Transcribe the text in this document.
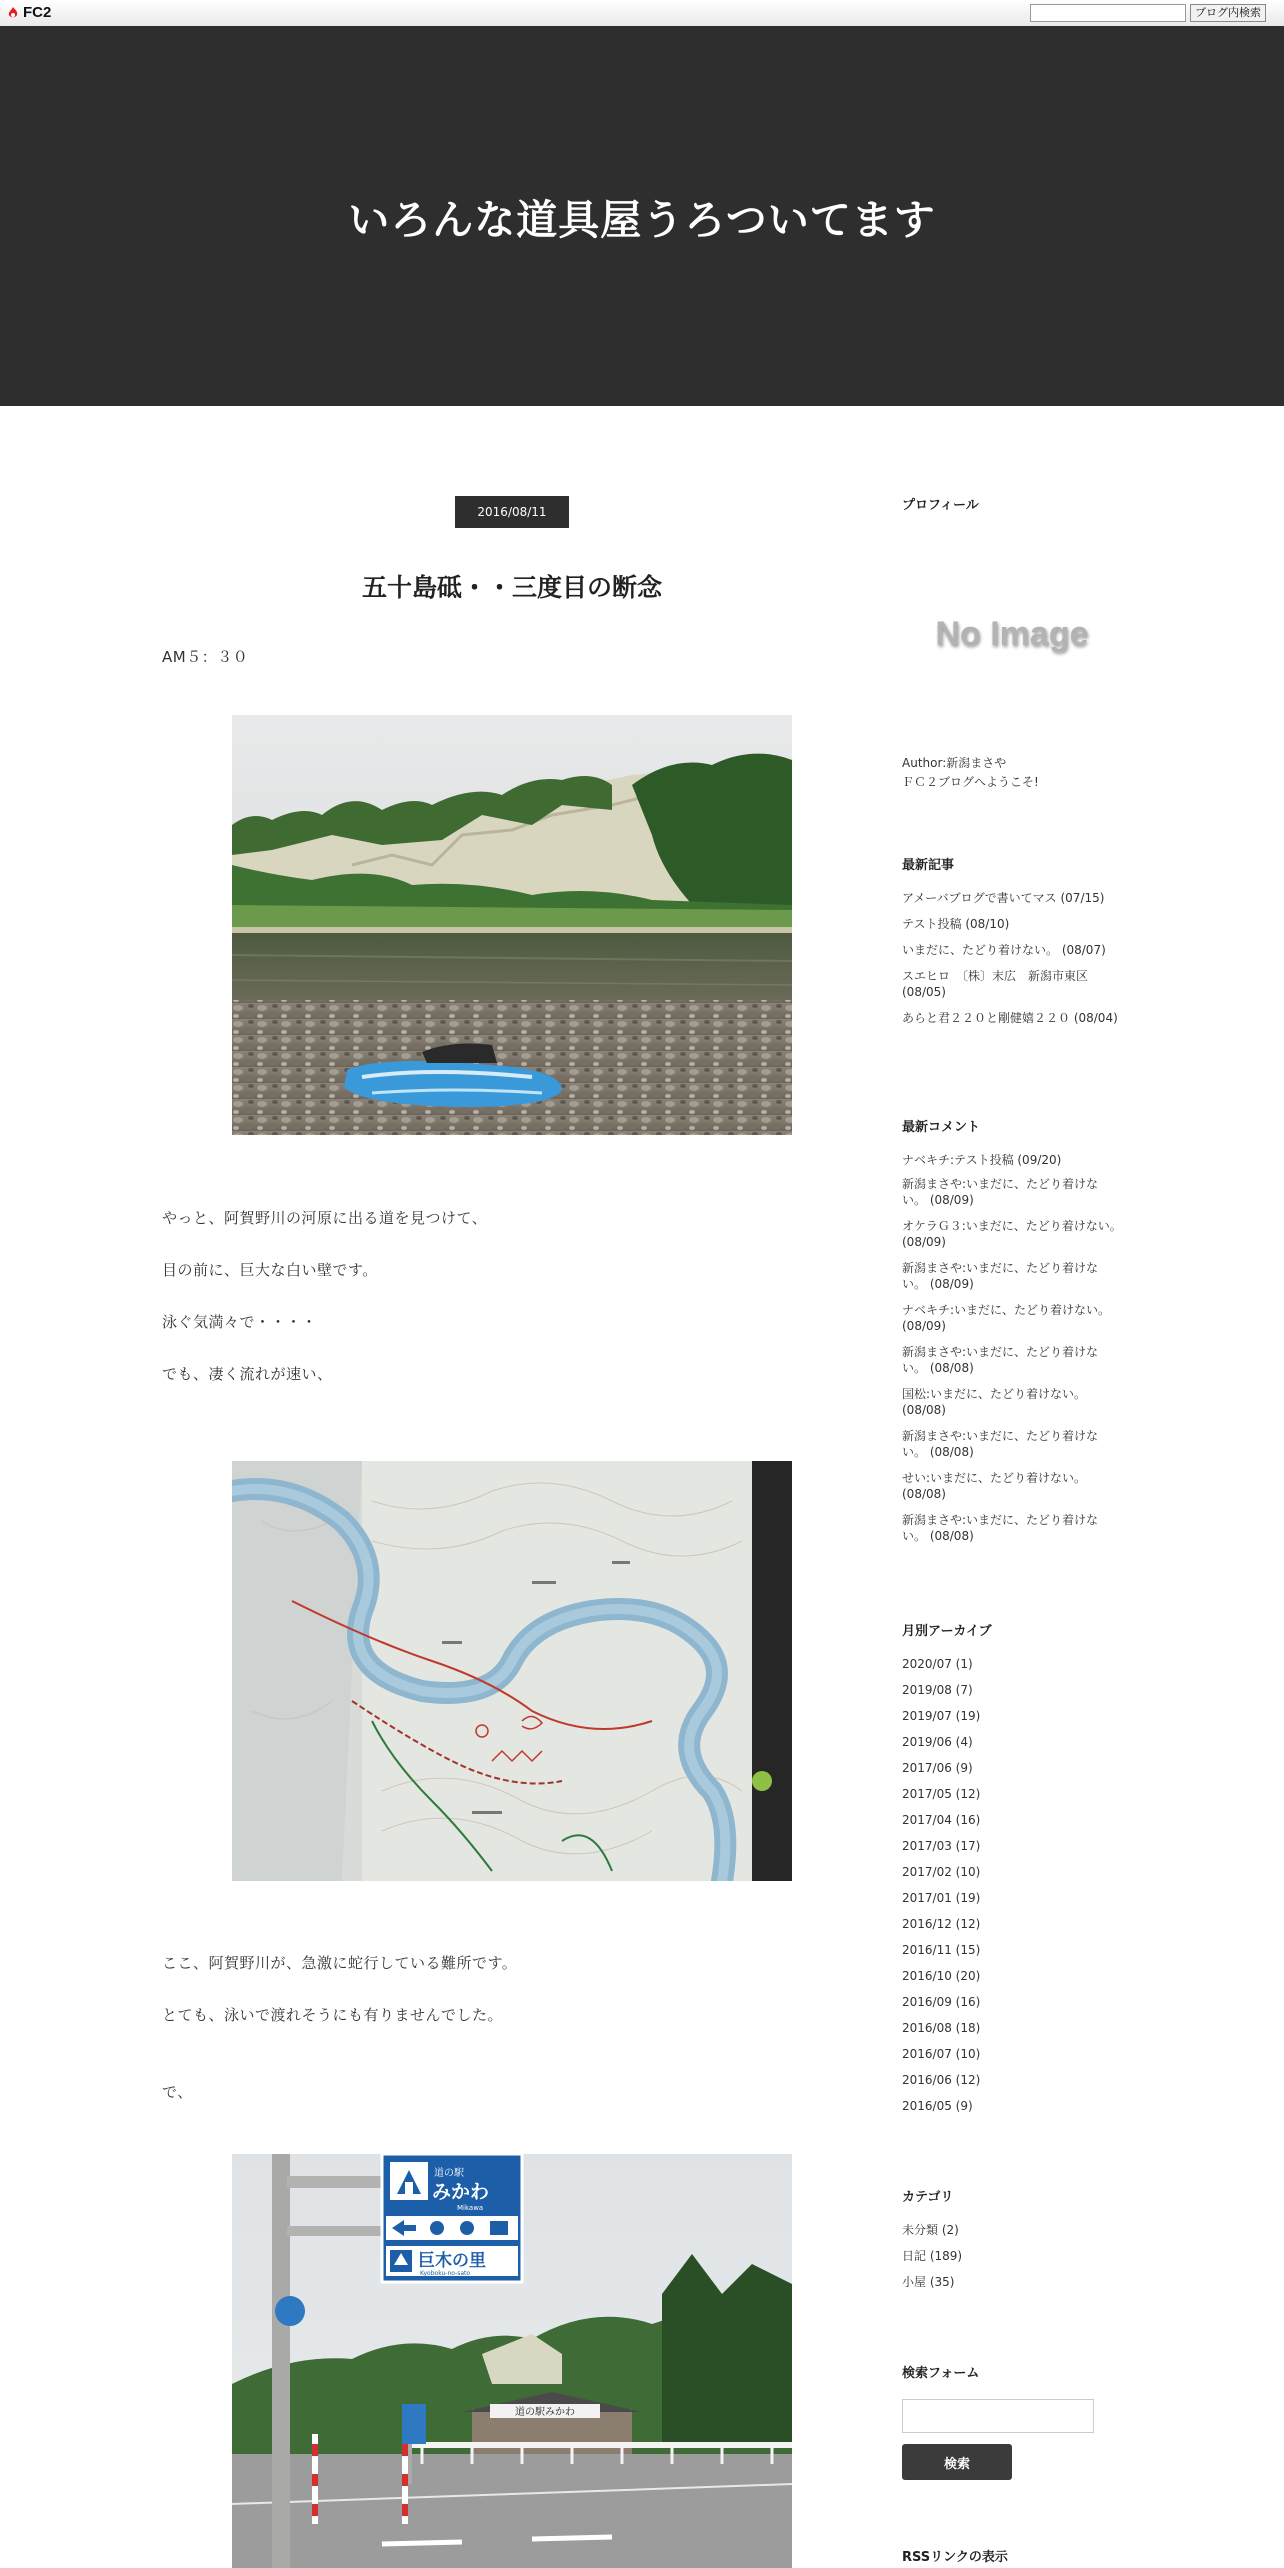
FC2	ブログ内検索
いろんな道具屋うろついてます
2016/08/11
五十島砥・・三度目の断念
AM５：３０
やっと、阿賀野川の河原に出る道を見つけて、
目の前に、巨大な白い壁です。
泳ぐ気満々で・・・・
でも、凄く流れが速い、
ここ、阿賀野川が、急激に蛇行している難所です。
とても、泳いで渡れそうにも有りませんでした。
で、
道の駅みかわ
道の駅
みかわ
Mikawa
巨木の里
Kyoboku-no-sato
プロフィール
No Image
Author:新潟まさや
ＦＣ２ブログへようこそ!
最新記事
アメーバブログで書いてマス (07/15)
テスト投稿 (08/10)
いまだに、たどり着けない。 (08/07)
スエヒロ　〔株〕末広　新潟市東区 (08/05)
あらと君２２０と剛健嬉２２０ (08/04)
最新コメント
ナベキチ:テスト投稿 (09/20)
新潟まさや:いまだに、たどり着けない。 (08/09)
オケラＧ３:いまだに、たどり着けない。 (08/09)
新潟まさや:いまだに、たどり着けない。 (08/09)
ナベキチ:いまだに、たどり着けない。 (08/09)
新潟まさや:いまだに、たどり着けない。 (08/08)
国松:いまだに、たどり着けない。 (08/08)
新潟まさや:いまだに、たどり着けない。 (08/08)
せい:いまだに、たどり着けない。 (08/08)
新潟まさや:いまだに、たどり着けない。 (08/08)
月別アーカイブ
2020/07 (1)
2019/08 (7)
2019/07 (19)
2019/06 (4)
2017/06 (9)
2017/05 (12)
2017/04 (16)
2017/03 (17)
2017/02 (10)
2017/01 (19)
2016/12 (12)
2016/11 (15)
2016/10 (20)
2016/09 (16)
2016/08 (18)
2016/07 (10)
2016/06 (12)
2016/05 (9)
カテゴリ
未分類 (2)
日記 (189)
小屋 (35)
検索フォーム
検索
RSSリンクの表示
